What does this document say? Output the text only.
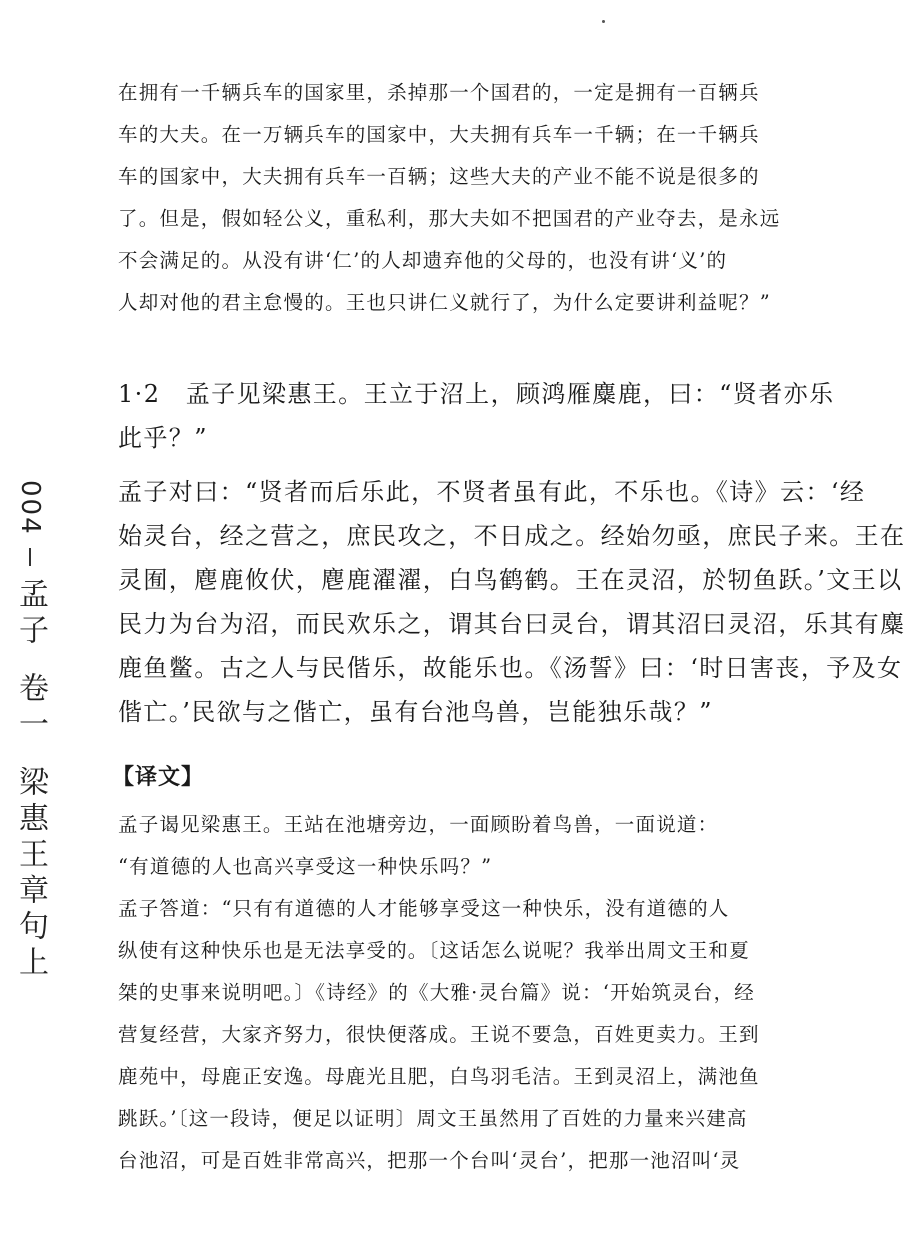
在拥有一千辆兵车的国家里，杀掉那一个国君的，一定是拥有一百辆兵
车的大夫。在一万辆兵车的国家中，大夫拥有兵车一千辆；在一千辆兵
车的国家中，大夫拥有兵车一百辆；这些大夫的产业不能不说是很多的
了。但是，假如轻公义，重私利，那大夫如不把国君的产业夺去，是永远
不会满足的。从没有讲‘仁’的人却遗弃他的父母的，也没有讲‘义’的
人却对他的君主怠慢的。王也只讲仁义就行了，为什么定要讲利益呢？”
1·2　孟子见梁惠王。王立于沼上，顾鸿雁麋鹿，曰：“贤者亦乐
此乎？”
孟子对曰：“贤者而后乐此，不贤者虽有此，不乐也。《诗》云：‘经
始灵台，经之营之，庶民攻之，不日成之。经始勿亟，庶民子来。王在
灵囿，麀鹿攸伏，麀鹿濯濯，白鸟鹤鹤。王在灵沼，於牣鱼跃。’文王以
民力为台为沼，而民欢乐之，谓其台曰灵台，谓其沼曰灵沼，乐其有麋
鹿鱼鳖。古之人与民偕乐，故能乐也。《汤誓》曰：‘时日害丧，予及女
偕亡。’民欲与之偕亡，虽有台池鸟兽，岂能独乐哉？”
【译文】
孟子谒见梁惠王。王站在池塘旁边，一面顾盼着鸟兽，一面说道：
“有道德的人也高兴享受这一种快乐吗？”
孟子答道：“只有有道德的人才能够享受这一种快乐，没有道德的人
纵使有这种快乐也是无法享受的。〔这话怎么说呢？我举出周文王和夏
桀的史事来说明吧。〕《诗经》的《大雅·灵台篇》说：‘开始筑灵台，经
营复经营，大家齐努力，很快便落成。王说不要急，百姓更卖力。王到
鹿苑中，母鹿正安逸。母鹿光且肥，白鸟羽毛洁。王到灵沼上，满池鱼
跳跃。’〔这一段诗，便足以证明〕周文王虽然用了百姓的力量来兴建高
台池沼，可是百姓非常高兴，把那一个台叫‘灵台’，把那一池沼叫‘灵
004
孟
子
卷
一
梁
惠
王
章
句
上
